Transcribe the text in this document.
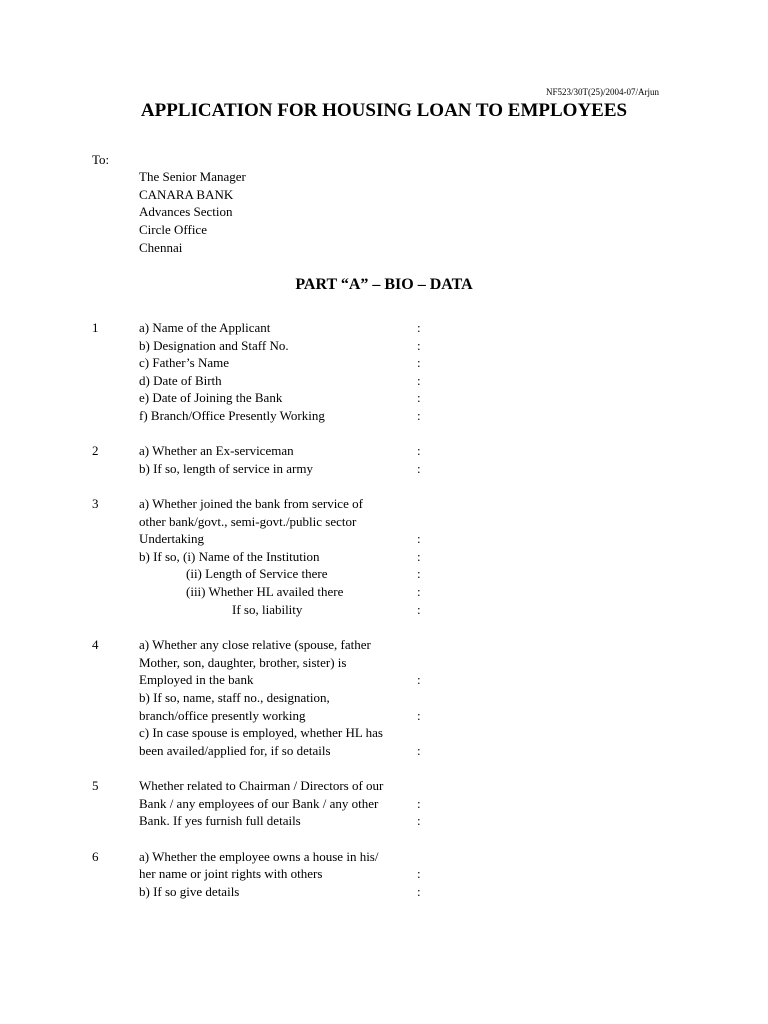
NF523/30T(25)/2004-07/Arjun
APPLICATION FOR HOUSING LOAN TO EMPLOYEES
To:
The Senior Manager
CANARA BANK
Advances Section
Circle Office
Chennai
PART “A” – BIO – DATA
1	a) Name of the Applicant	:
b) Designation and Staff No.	:
c) Father’s Name	:
d) Date of Birth	:
e) Date of Joining the Bank	:
f) Branch/Office Presently Working	:
2	a) Whether an Ex-serviceman	:
b) If so, length of service in army	:
3	a) Whether joined the bank from service of
other bank/govt., semi-govt./public sector
Undertaking	:
b) If so, (i) Name of the Institution	:
(ii) Length of Service there	:
(iii) Whether HL availed there	:
If so, liability	:
4	a) Whether any close relative (spouse, father
Mother, son, daughter, brother, sister) is
Employed in the bank	:
b) If so, name, staff no., designation,
branch/office presently working	:
c) In case spouse is employed, whether HL has
been availed/applied for, if so details	:
5	Whether related to Chairman / Directors of our
Bank / any employees of our Bank / any other	:
Bank. If yes furnish full details	:
6	a) Whether the employee owns a house in his/
her name or joint rights with others	:
b) If so give details	:
